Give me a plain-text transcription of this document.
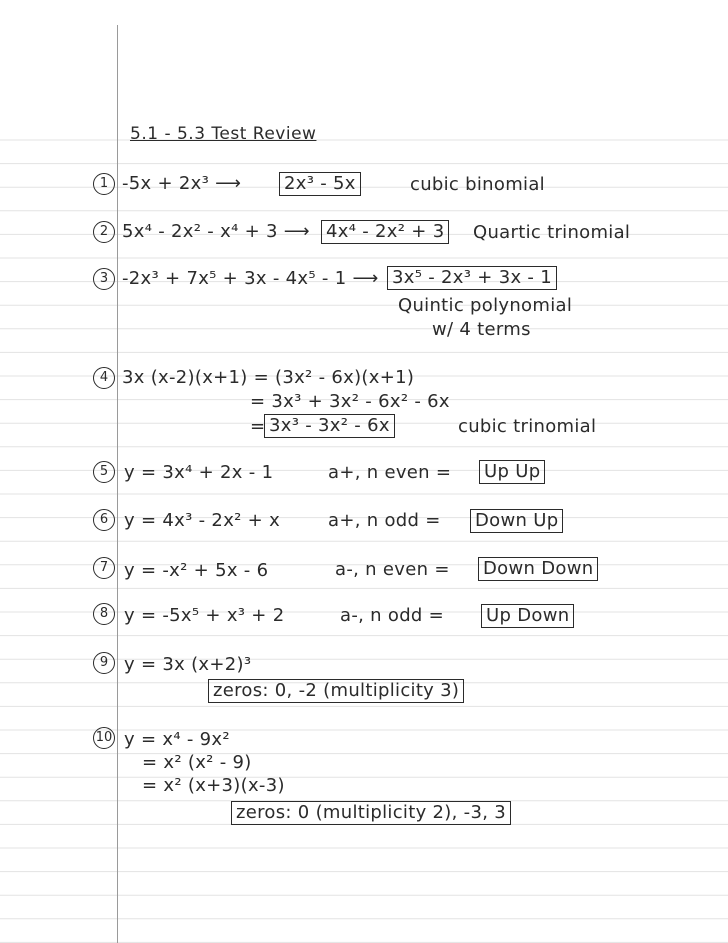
5.1 - 5.3 Test Review
1 -5x + 2x³ ⟶ 2x³ - 5x	cubic binomial
2 5x⁴ - 2x² - x⁴ + 3 ⟶ 4x⁴ - 2x² + 3 Quartic trinomial
3 -2x³ + 7x⁵ + 3x - 4x⁵ - 1 ⟶ 3x⁵ - 2x³ + 3x - 1
Quintic polynomial
w/ 4 terms
4 3x (x-2)(x+1) = (3x² - 6x)(x+1)
= 3x³ + 3x² - 6x² - 6x
= 3x³ - 3x² - 6x	cubic trinomial
5 y = 3x⁴ + 2x - 1	a+, n even = Up Up
6 y = 4x³ - 2x² + x	a+, n odd = Down Up
7 y = -x² + 5x - 6	a-, n even = Down Down
8 y = -5x⁵ + x³ + 2	a-, n odd = Up Down
9 y = 3x (x+2)³
zeros: 0, -2 (multiplicity 3)
10 y = x⁴ - 9x²
= x² (x² - 9)
= x² (x+3)(x-3)
zeros: 0 (multiplicity 2), -3, 3
